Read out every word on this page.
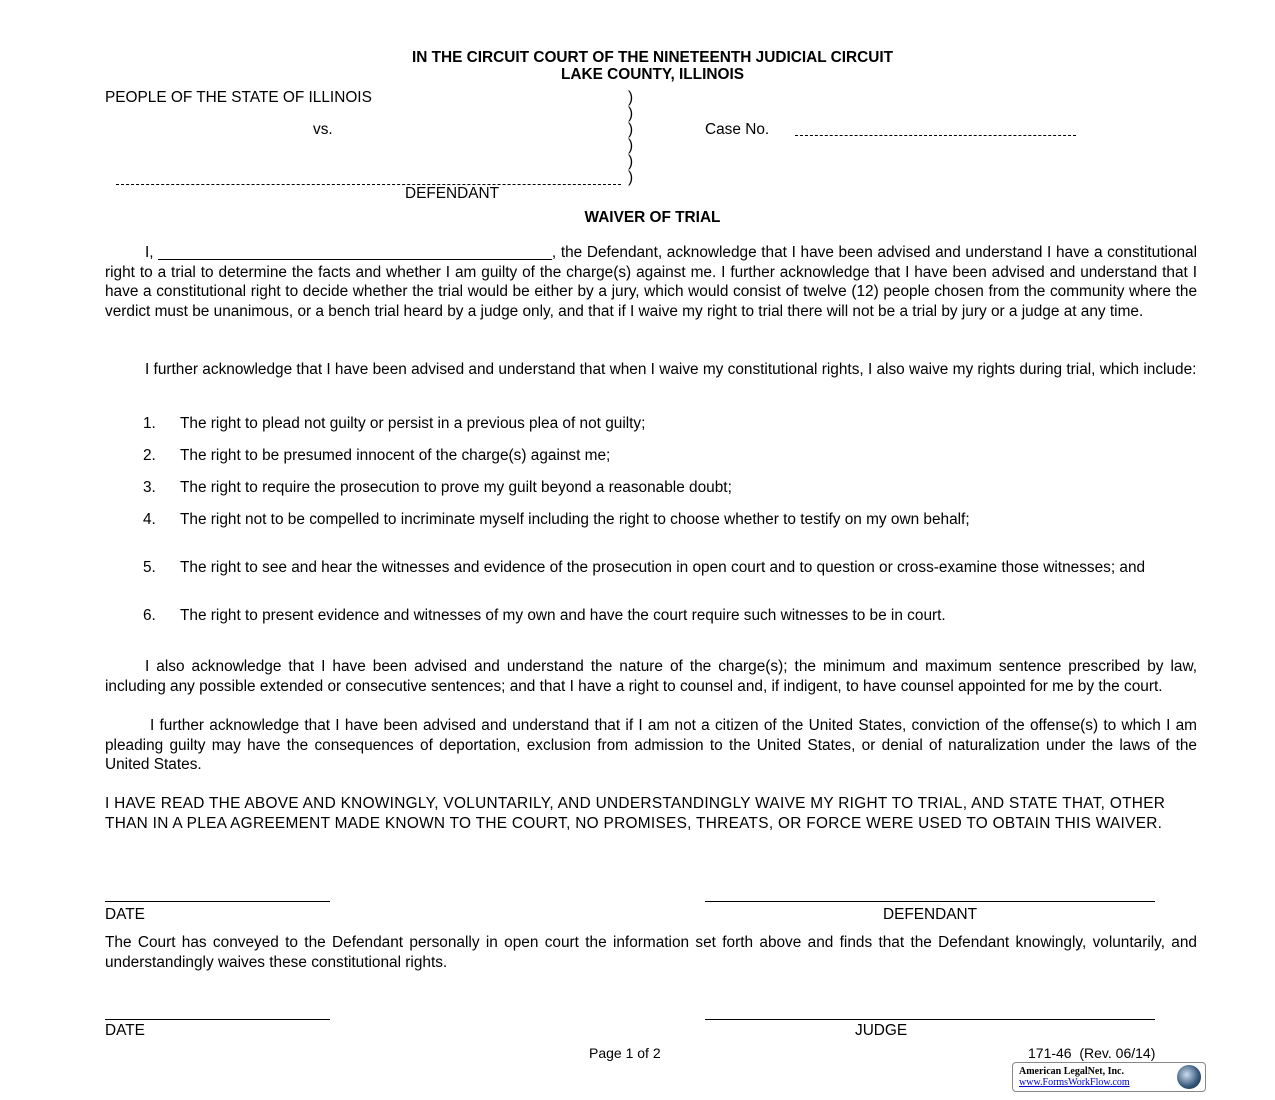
IN THE CIRCUIT COURT OF THE NINETEENTH JUDICIAL CIRCUIT
LAKE COUNTY, ILLINOIS
PEOPLE OF THE STATE OF ILLINOIS
vs.
DEFENDANT
)
)
)
)
)
)
Case No.
WAIVER OF TRIAL
I, ______________________________________________, the Defendant, acknowledge that I have been advised and understand I have a constitutional right to a trial to determine the facts and whether I am guilty of the charge(s) against me. I further acknowledge that I have been advised and understand that I have a constitutional right to decide whether the trial would be either by a jury, which would consist of twelve (12) people chosen from the community where the verdict must be unanimous, or a bench trial heard by a judge only, and that if I waive my right to trial there will not be a trial by jury or a judge at any time.
I further acknowledge that I have been advised and understand that when I waive my constitutional rights, I also waive my rights during trial, which include:
1. The right to plead not guilty or persist in a previous plea of not guilty;
2. The right to be presumed innocent of the charge(s) against me;
3. The right to require the prosecution to prove my guilt beyond a reasonable doubt;
4. The right not to be compelled to incriminate myself including the right to choose whether to testify on my own behalf;
5. The right to see and hear the witnesses and evidence of the prosecution in open court and to question or cross-examine those witnesses; and
6. The right to present evidence and witnesses of my own and have the court require such witnesses to be in court.
I also acknowledge that I have been advised and understand the nature of the charge(s); the minimum and maximum sentence prescribed by law, including any possible extended or consecutive sentences; and that I have a right to counsel and, if indigent, to have counsel appointed for me by the court.
I further acknowledge that I have been advised and understand that if I am not a citizen of the United States, conviction of the offense(s) to which I am pleading guilty may have the consequences of deportation, exclusion from admission to the United States, or denial of naturalization under the laws of the United States.
I HAVE READ THE ABOVE AND KNOWINGLY, VOLUNTARILY, AND UNDERSTANDINGLY WAIVE MY RIGHT TO TRIAL, AND STATE THAT, OTHER THAN IN A PLEA AGREEMENT MADE KNOWN TO THE COURT, NO PROMISES, THREATS, OR FORCE WERE USED TO OBTAIN THIS WAIVER.
DATE	DEFENDANT
The Court has conveyed to the Defendant personally in open court the information set forth above and finds that the Defendant knowingly, voluntarily, and understandingly waives these constitutional rights.
DATE	JUDGE
Page 1 of 2	171-46  (Rev. 06/14)
American LegalNet, Inc.
www.FormsWorkFlow.com
